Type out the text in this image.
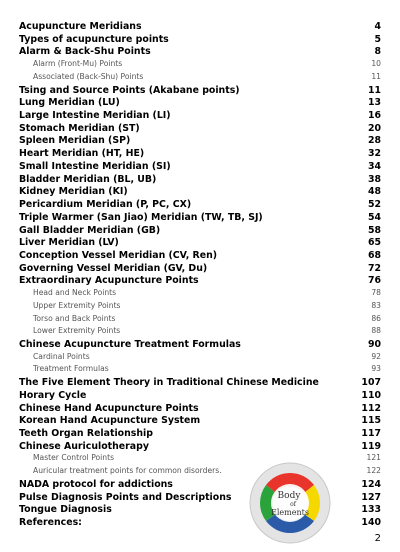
Acupuncture Meridians	4
Types of acupuncture points	5
Alarm & Back-Shu Points	8
Alarm (Front-Mu) Points	10
Associated (Back-Shu) Points	11
Tsing and Source Points (Akabane points)	11
Lung Meridian (LU)	13
Large Intestine Meridian (LI)	16
Stomach Meridian (ST)	20
Spleen Meridian (SP)	28
Heart Meridian (HT, HE)	32
Small Intestine Meridian (SI)	34
Bladder Meridian (BL, UB)	38
Kidney Meridian (KI)	48
Pericardium Meridian (P, PC, CX)	52
Triple Warmer (San Jiao) Meridian (TW, TB, SJ)	54
Gall Bladder Meridian (GB)	58
Liver Meridian (LV)	65
Conception Vessel Meridian (CV, Ren)	68
Governing Vessel Meridian (GV, Du)	72
Extraordinary Acupuncture Points	76
Head and Neck Points	78
Upper Extremity Points	83
Torso and Back Points	86
Lower Extremity Points	88
Chinese Acupuncture Treatment Formulas	90
Cardinal Points	92
Treatment Formulas	93
The Five Element Theory in Traditional Chinese Medicine	107
Horary Cycle	110
Chinese Hand Acupuncture Points	112
Korean Hand Acupuncture System	115
Teeth Organ Relationship	117
Chinese Auriculotherapy	119
Master Control Points	121
Auricular treatment points for common disorders.	122
NADA protocol for addictions	124
Pulse Diagnosis Points and Descriptions	127
Tongue Diagnosis	133
References:	140
Body
of
Elements
2
